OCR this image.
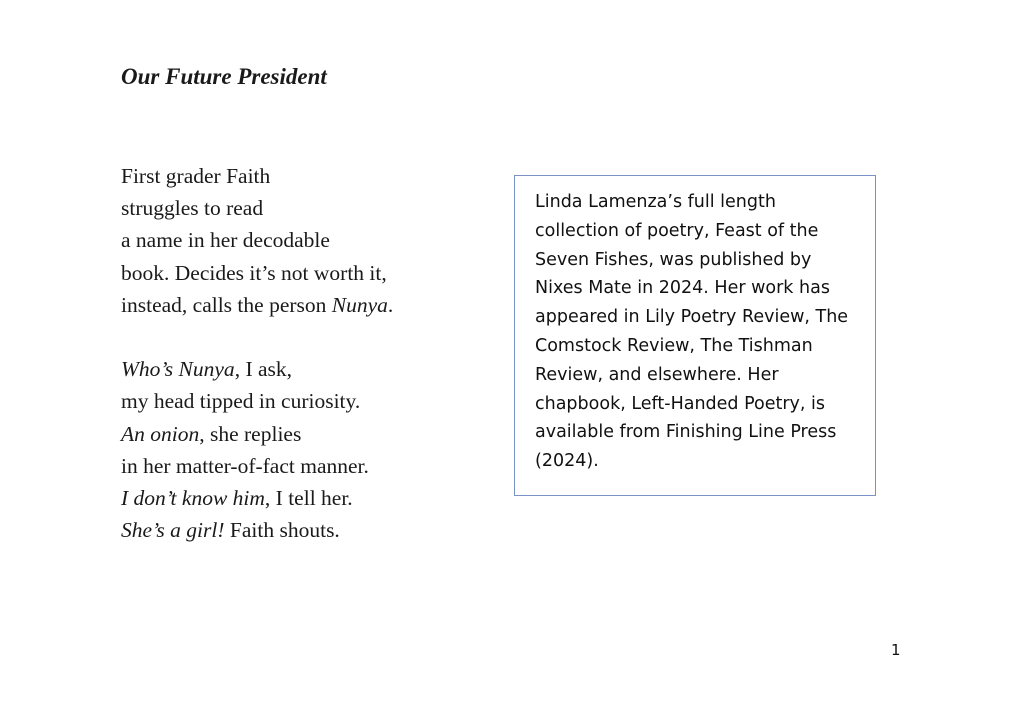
Our Future President
First grader Faith
struggles to read
a name in her decodable
book. Decides it’s not worth it,
instead, calls the person Nunya.
Who’s Nunya, I ask,
my head tipped in curiosity.
An onion, she replies
in her matter-of-fact manner.
I don’t know him, I tell her.
She’s a girl! Faith shouts.

Linda Lamenza’s full length collection of poetry, Feast of the Seven Fishes, was published by Nixes Mate in 2024. Her work has appeared in Lily Poetry Review, The Comstock Review, The Tishman Review, and elsewhere. Her chapbook, Left-Handed Poetry, is available from Finishing Line Press (2024).

1
